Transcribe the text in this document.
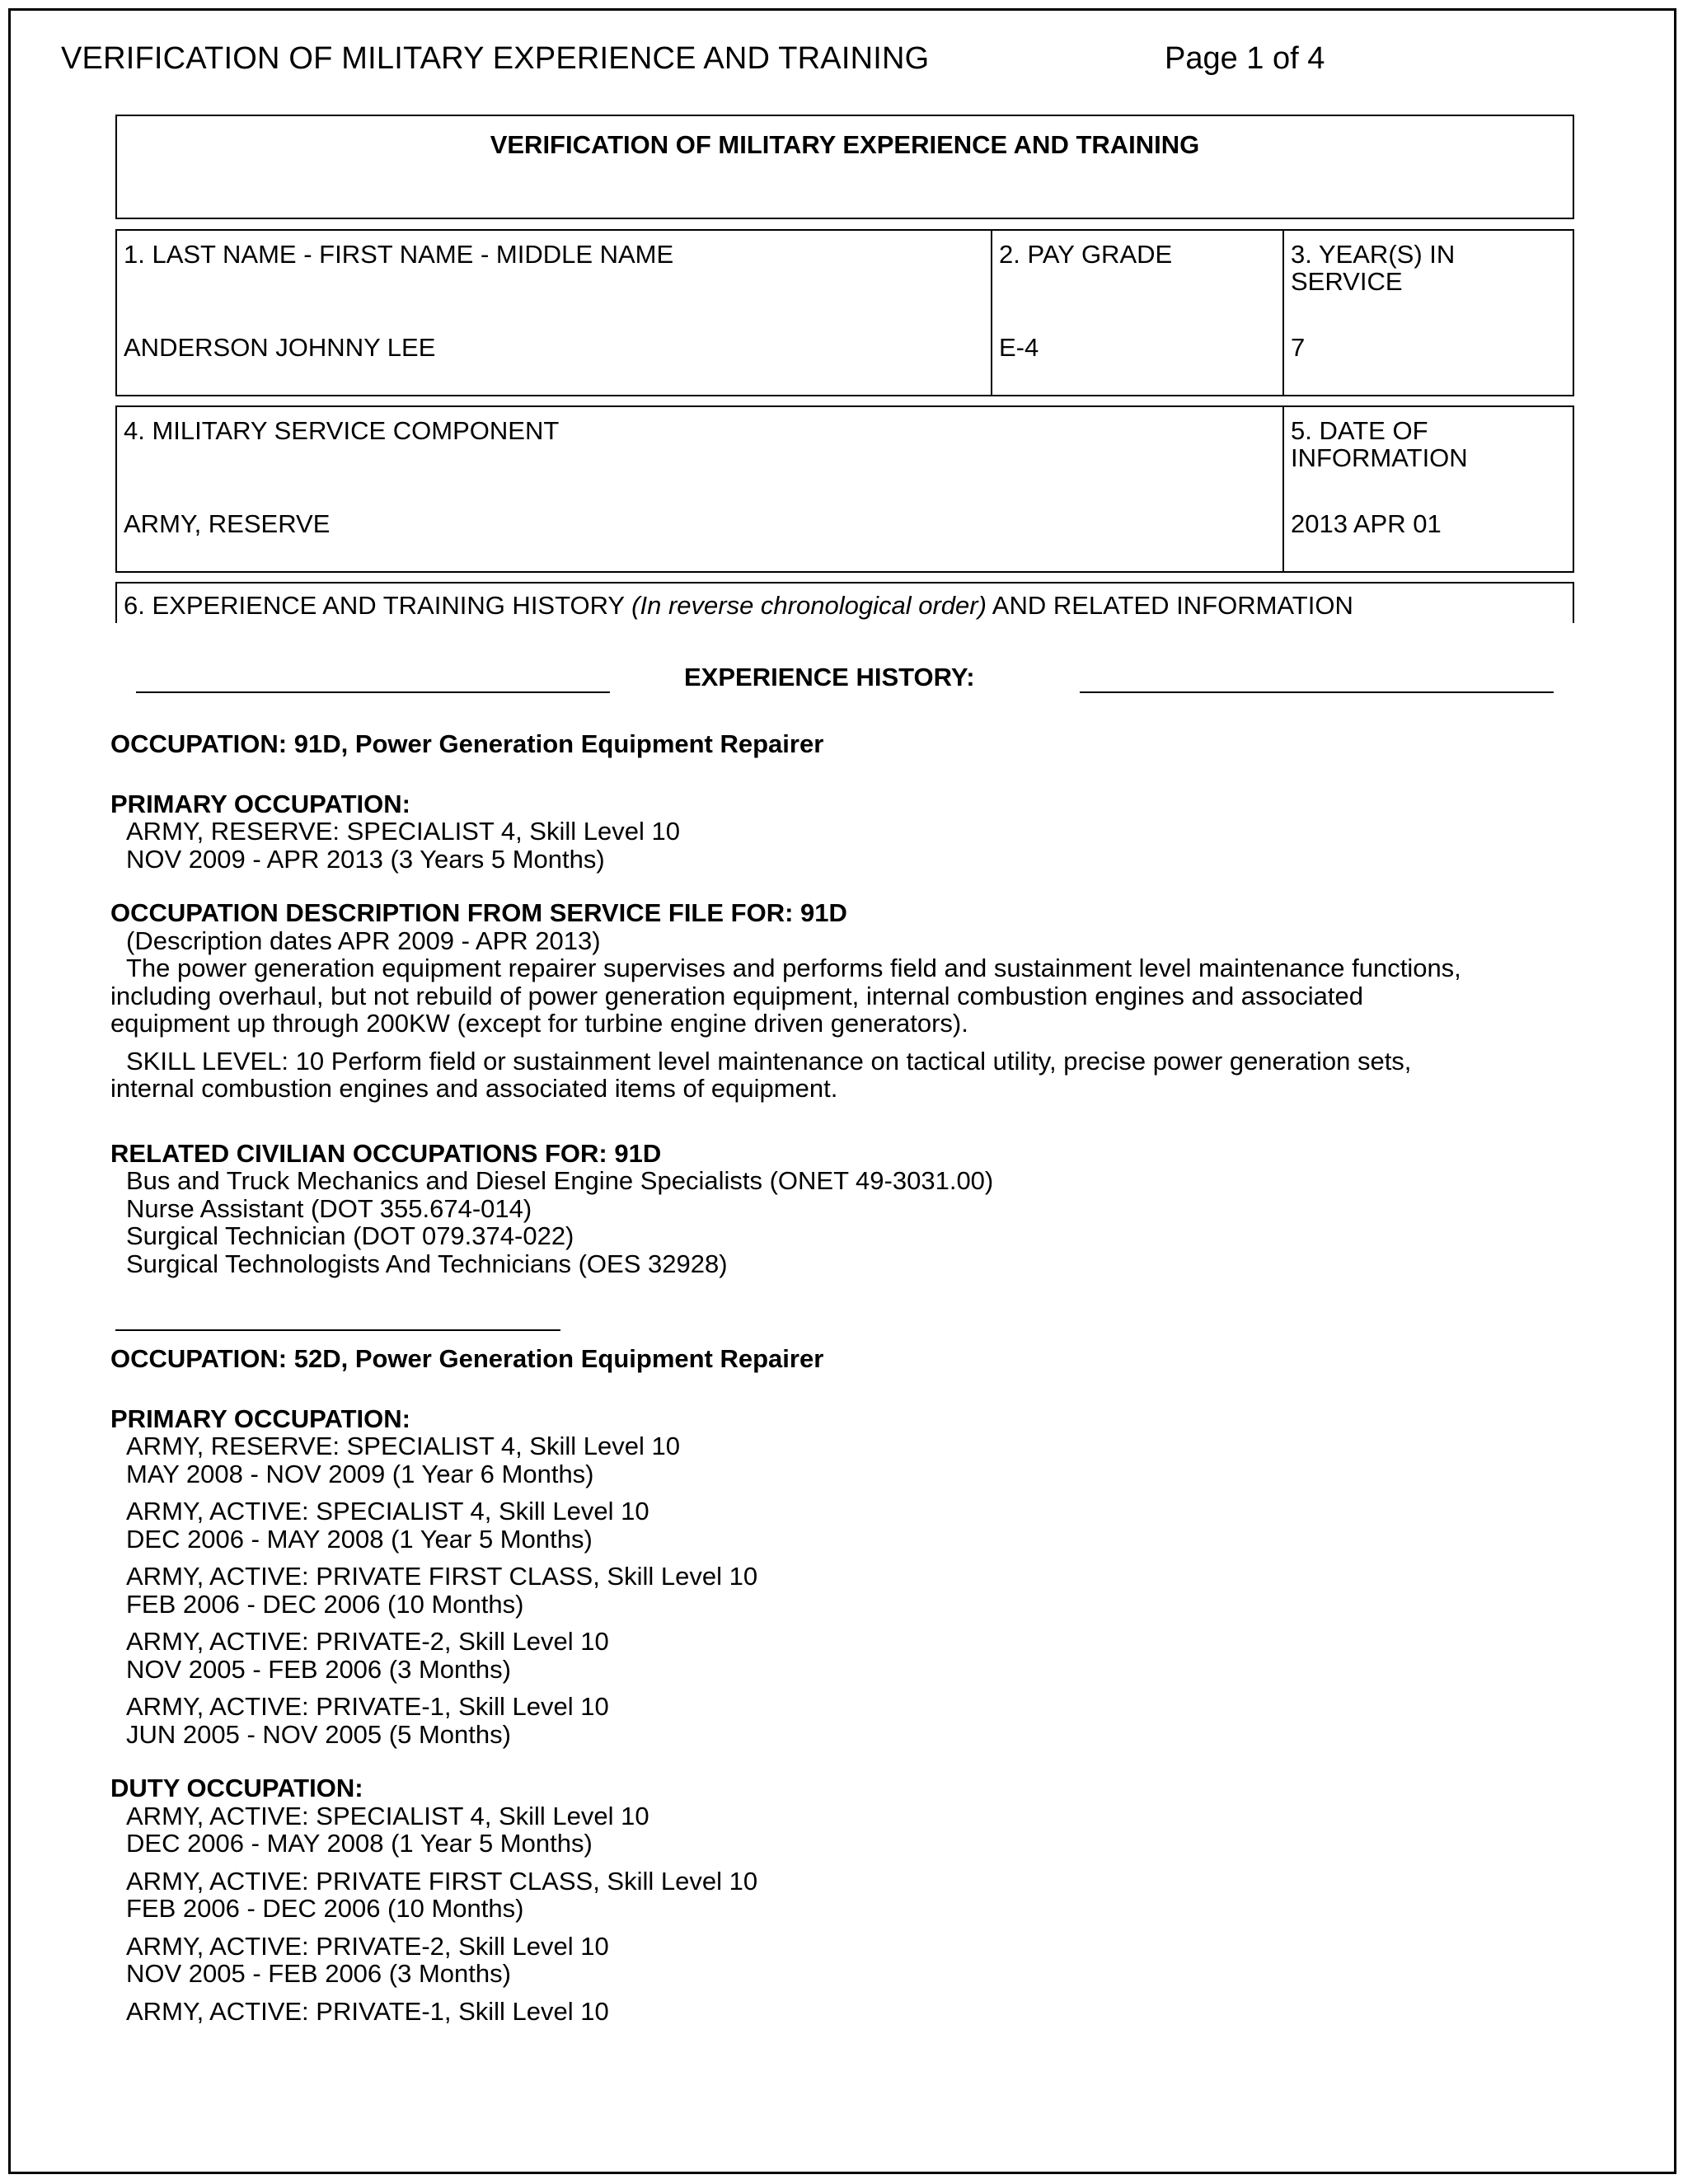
VERIFICATION OF MILITARY EXPERIENCE AND TRAINING	Page 1 of 4
VERIFICATION OF MILITARY EXPERIENCE AND TRAINING
1. LAST NAME - FIRST NAME - MIDDLE NAME
ANDERSON JOHNNY LEE
2. PAY GRADE
E-4
3. YEAR(S) IN
SERVICE
7
4. MILITARY SERVICE COMPONENT
ARMY, RESERVE
5. DATE OF
INFORMATION
2013 APR 01
6. EXPERIENCE AND TRAINING HISTORY (In reverse chronological order) AND RELATED INFORMATION
EXPERIENCE HISTORY:
OCCUPATION: 91D, Power Generation Equipment Repairer
PRIMARY OCCUPATION:
ARMY, RESERVE: SPECIALIST 4, Skill Level 10
NOV 2009 - APR 2013 (3 Years 5 Months)
OCCUPATION DESCRIPTION FROM SERVICE FILE FOR: 91D
(Description dates APR 2009 - APR 2013)
The power generation equipment repairer supervises and performs field and sustainment level maintenance functions,
including overhaul, but not rebuild of power generation equipment, internal combustion engines and associated
equipment up through 200KW (except for turbine engine driven generators).
SKILL LEVEL: 10 Perform field or sustainment level maintenance on tactical utility, precise power generation sets,
internal combustion engines and associated items of equipment.
RELATED CIVILIAN OCCUPATIONS FOR: 91D
Bus and Truck Mechanics and Diesel Engine Specialists (ONET 49-3031.00)
Nurse Assistant (DOT 355.674-014)
Surgical Technician (DOT 079.374-022)
Surgical Technologists And Technicians (OES 32928)
OCCUPATION: 52D, Power Generation Equipment Repairer
PRIMARY OCCUPATION:
ARMY, RESERVE: SPECIALIST 4, Skill Level 10
MAY 2008 - NOV 2009 (1 Year 6 Months)
ARMY, ACTIVE: SPECIALIST 4, Skill Level 10
DEC 2006 - MAY 2008 (1 Year 5 Months)
ARMY, ACTIVE: PRIVATE FIRST CLASS, Skill Level 10
FEB 2006 - DEC 2006 (10 Months)
ARMY, ACTIVE: PRIVATE-2, Skill Level 10
NOV 2005 - FEB 2006 (3 Months)
ARMY, ACTIVE: PRIVATE-1, Skill Level 10
JUN 2005 - NOV 2005 (5 Months)
DUTY OCCUPATION:
ARMY, ACTIVE: SPECIALIST 4, Skill Level 10
DEC 2006 - MAY 2008 (1 Year 5 Months)
ARMY, ACTIVE: PRIVATE FIRST CLASS, Skill Level 10
FEB 2006 - DEC 2006 (10 Months)
ARMY, ACTIVE: PRIVATE-2, Skill Level 10
NOV 2005 - FEB 2006 (3 Months)
ARMY, ACTIVE: PRIVATE-1, Skill Level 10
